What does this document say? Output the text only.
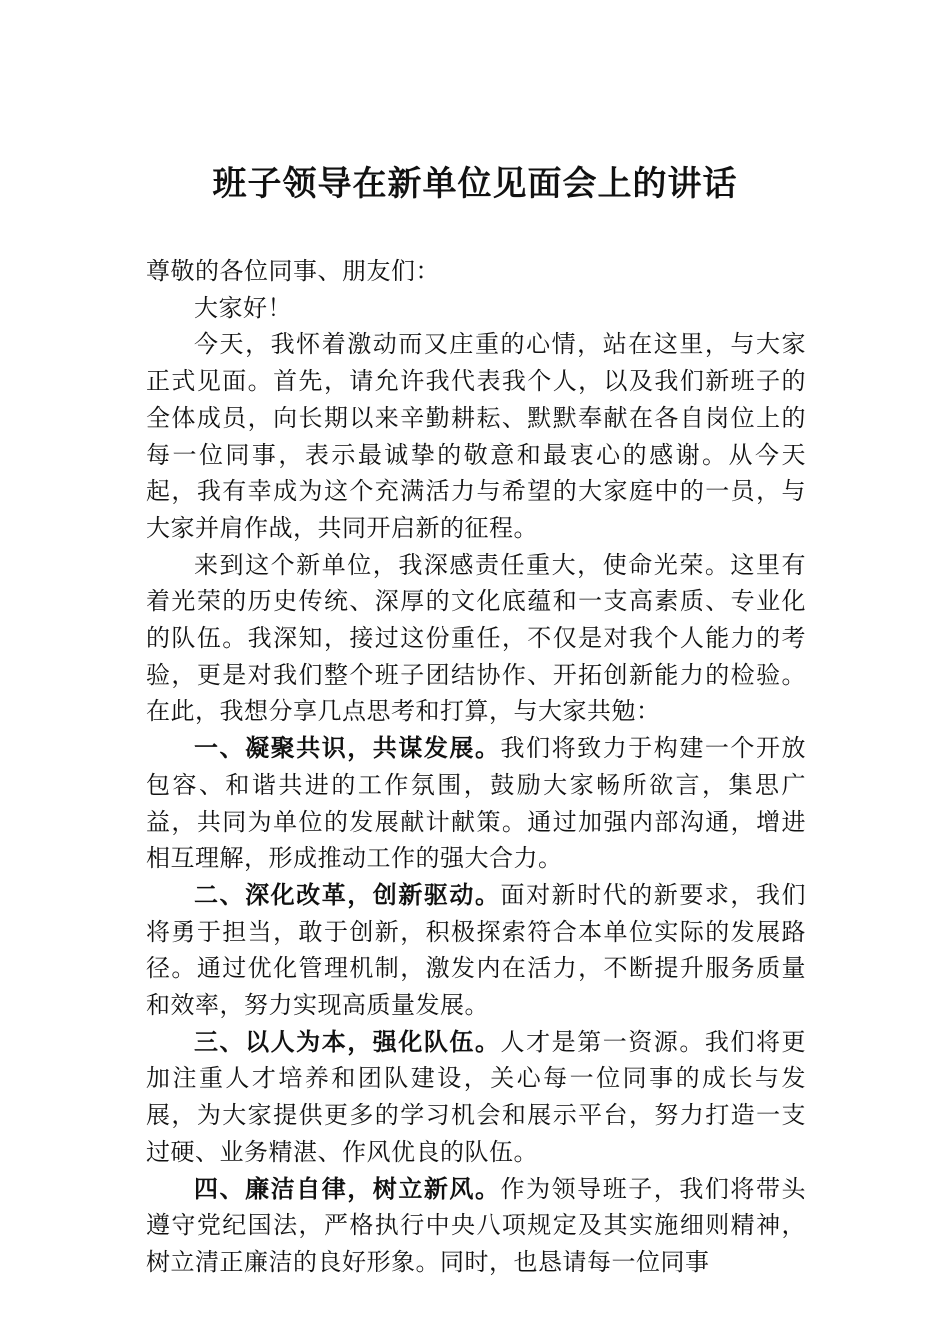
班子领导在新单位见面会上的讲话

尊敬的各位同事、朋友们：

大家好！

今天，我怀着激动而又庄重的心情，站在这里，与大家正式见面。首先，请允许我代表我个人，以及我们新班子的全体成员，向长期以来辛勤耕耘、默默奉献在各自岗位上的每一位同事，表示最诚挚的敬意和最衷心的感谢。从今天起，我有幸成为这个充满活力与希望的大家庭中的一员，与大家并肩作战，共同开启新的征程。

来到这个新单位，我深感责任重大，使命光荣。这里有着光荣的历史传统、深厚的文化底蕴和一支高素质、专业化的队伍。我深知，接过这份重任，不仅是对我个人能力的考验，更是对我们整个班子团结协作、开拓创新能力的检验。在此，我想分享几点思考和打算，与大家共勉：

一、凝聚共识，共谋发展。我们将致力于构建一个开放包容、和谐共进的工作氛围，鼓励大家畅所欲言，集思广益，共同为单位的发展献计献策。通过加强内部沟通，增进相互理解，形成推动工作的强大合力。

二、深化改革，创新驱动。面对新时代的新要求，我们将勇于担当，敢于创新，积极探索符合本单位实际的发展路径。通过优化管理机制，激发内在活力，不断提升服务质量和效率，努力实现高质量发展。

三、以人为本，强化队伍。人才是第一资源。我们将更加注重人才培养和团队建设，关心每一位同事的成长与发展，为大家提供更多的学习机会和展示平台，努力打造一支过硬、业务精湛、作风优良的队伍。

四、廉洁自律，树立新风。作为领导班子，我们将带头遵守党纪国法，严格执行中央八项规定及其实施细则精神，树立清正廉洁的良好形象。同时，也恳请每一位同事
